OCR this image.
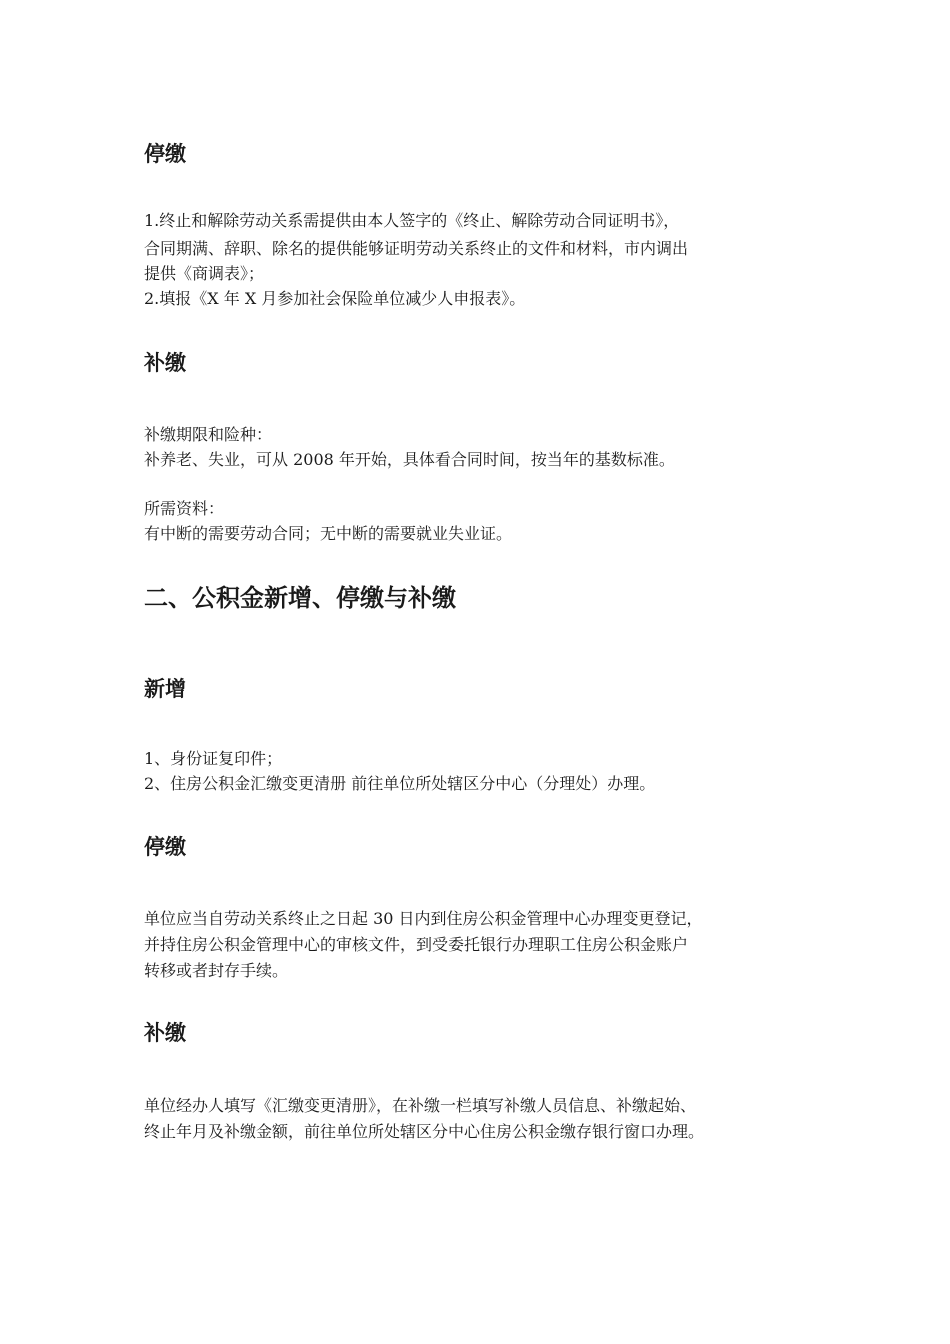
停缴
1.终止和解除劳动关系需提供由本人签字的《终止、解除劳动合同证明书》，
合同期满、辞职、除名的提供能够证明劳动关系终止的文件和材料，市内调出
提供《商调表》；
2.填报《X 年 X 月参加社会保险单位减少人申报表》。
补缴
补缴期限和险种：
补养老、失业，可从 2008 年开始，具体看合同时间，按当年的基数标准。
所需资料：
有中断的需要劳动合同；无中断的需要就业失业证。
二、公积金新增、停缴与补缴
新增
1、身份证复印件；
2、住房公积金汇缴变更清册 前往单位所处辖区分中心（分理处）办理。
停缴
单位应当自劳动关系终止之日起 30 日内到住房公积金管理中心办理变更登记，
并持住房公积金管理中心的审核文件，到受委托银行办理职工住房公积金账户
转移或者封存手续。
补缴
单位经办人填写《汇缴变更清册》，在补缴一栏填写补缴人员信息、补缴起始、
终止年月及补缴金额，前往单位所处辖区分中心住房公积金缴存银行窗口办理。
